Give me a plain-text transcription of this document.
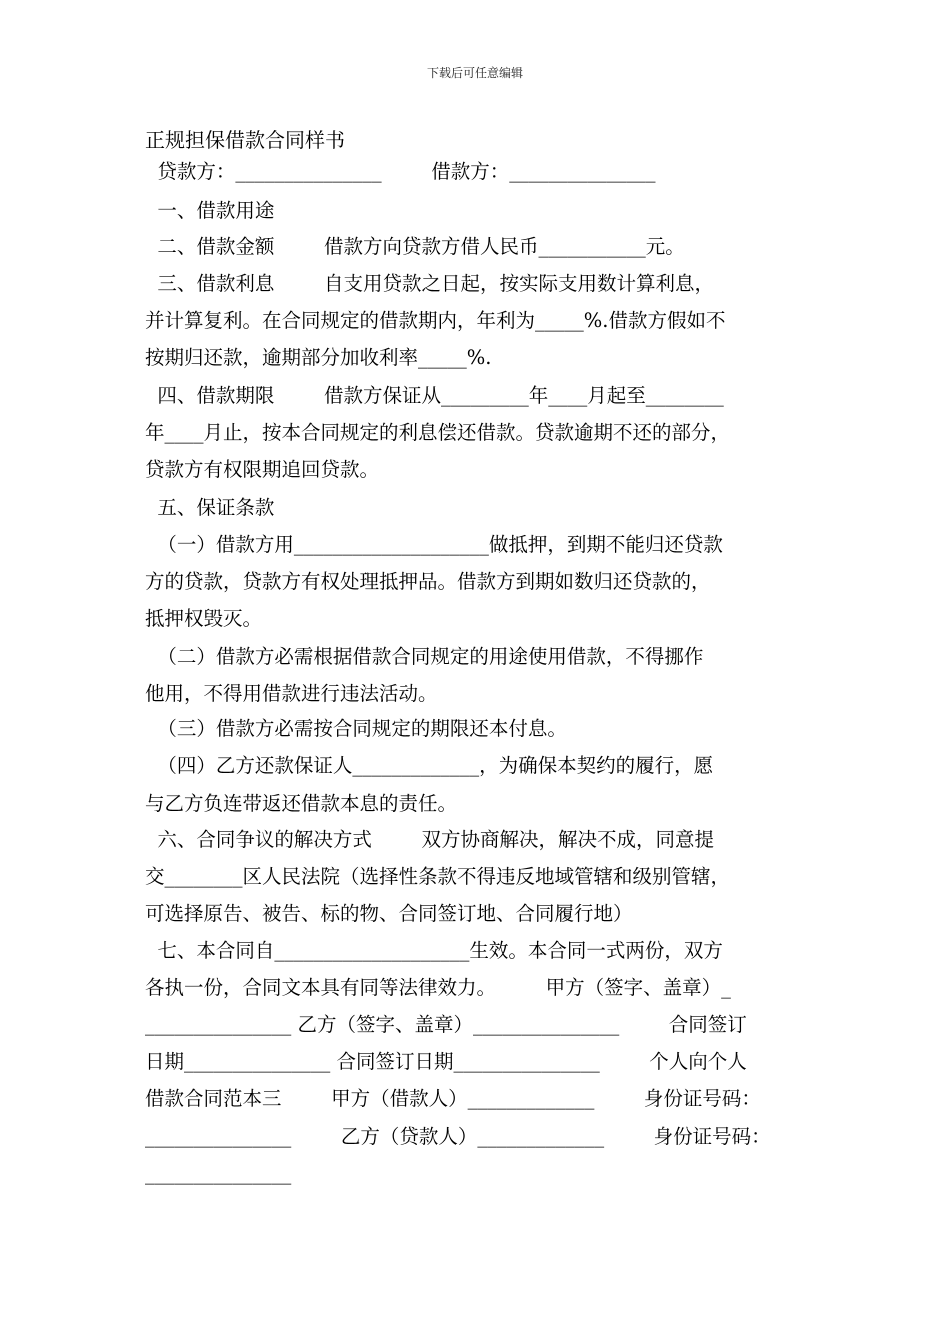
下载后可任意编辑
正规担保借款合同样书
贷款方：_______________        借款方：_______________
一、借款用途
二、借款金额        借款方向贷款方借人民币___________元。
三、借款利息        自支用贷款之日起，按实际支用数计算利息，
并计算复利。在合同规定的借款期内，年利为_____%.借款方假如不
按期归还款，逾期部分加收利率_____%.
四、借款期限        借款方保证从_________年____月起至________
年____月止，按本合同规定的利息偿还借款。贷款逾期不还的部分，
贷款方有权限期追回贷款。
五、保证条款
（一）借款方用____________________做抵押，到期不能归还贷款
方的贷款，贷款方有权处理抵押品。借款方到期如数归还贷款的，
抵押权毁灭。
（二）借款方必需根据借款合同规定的用途使用借款，不得挪作
他用，不得用借款进行违法活动。
（三）借款方必需按合同规定的期限还本付息。
（四）乙方还款保证人_____________，为确保本契约的履行，愿
与乙方负连带返还借款本息的责任。
六、合同争议的解决方式        双方协商解决，解决不成，同意提
交________区人民法院（选择性条款不得违反地域管辖和级别管辖，
可选择原告、被告、标的物、合同签订地、合同履行地）
七、本合同自____________________生效。本合同一式两份，双方
各执一份，合同文本具有同等法律效力。        甲方（签字、盖章）_
_______________ 乙方（签字、盖章）_______________        合同签订
日期_______________ 合同签订日期_______________        个人向个人
借款合同范本三        甲方（借款人）_____________        身份证号码：
_______________        乙方（贷款人）_____________        身份证号码：
_______________
